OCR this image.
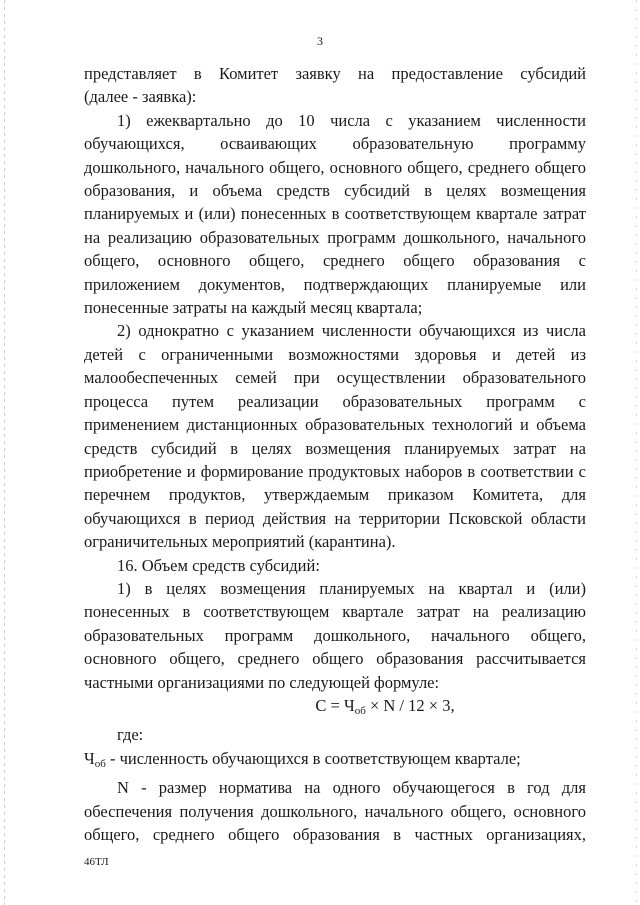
3

представляет в Комитет заявку на предоставление субсидий

(далее - заявка):

1) ежеквартально до 10 числа с указанием численности обучающихся, осваивающих образовательную программу дошкольного, начального общего, основного общего, среднего общего образования, и объема средств субсидий в целях возмещения планируемых и (или) понесенных в соответствующем квартале затрат на реализацию образовательных программ дошкольного, начального общего, основного общего, среднего общего образования с приложением документов, подтверждающих планируемые или понесенные затраты на каждый месяц квартала;

2) однократно с указанием численности обучающихся из числа детей с ограниченными возможностями здоровья и детей из малообеспеченных семей при осуществлении образовательного процесса путем реализации образовательных программ с применением дистанционных образовательных технологий и объема средств субсидий в целях возмещения планируемых затрат на приобретение и формирование продуктовых наборов в соответствии с перечнем продуктов, утверждаемым приказом Комитета, для обучающихся в период действия на территории Псковской области ограничительных мероприятий (карантина).

16. Объем средств субсидий:

1) в целях возмещения планируемых на квартал и (или) понесенных в соответствующем квартале затрат на реализацию образовательных программ дошкольного, начального общего, основного общего, среднего общего образования рассчитывается частными организациями по следующей формуле:

$С = Ч_{об} \times N / 12 \times 3$,

где:

$Ч_{об}$ - численность обучающихся в соответствующем квартале;

N - размер норматива на одного обучающегося в год для обеспечения получения дошкольного, начального общего, основного общего, среднего общего образования в частных организациях,

46ТЛ
